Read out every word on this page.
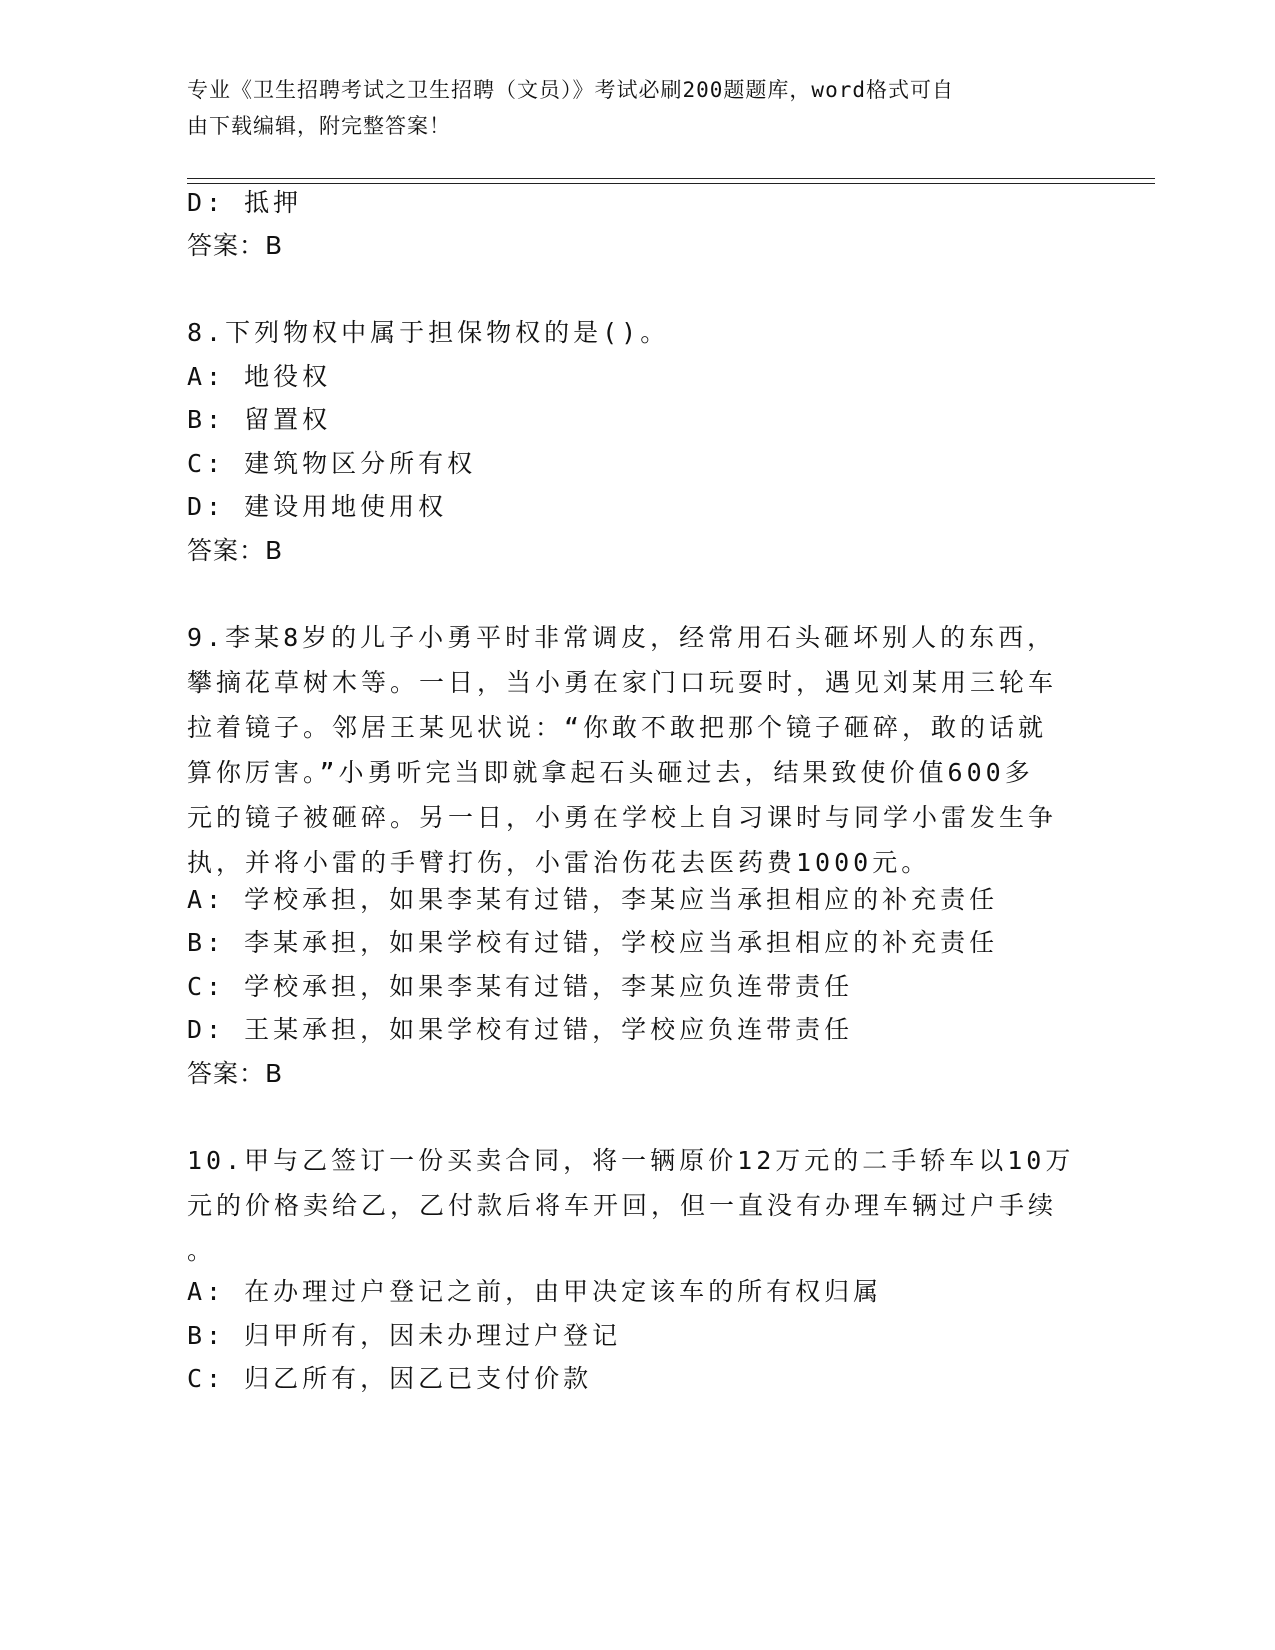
专业《卫生招聘考试之卫生招聘（文员）》考试必刷200题题库，word格式可自
由下载编辑，附完整答案！
D: 抵押
答案：B
8.下列物权中属于担保物权的是()。
A: 地役权
B: 留置权
C: 建筑物区分所有权
D: 建设用地使用权
答案：B
9.李某8岁的儿子小勇平时非常调皮，经常用石头砸坏别人的东西，
攀摘花草树木等。一日，当小勇在家门口玩耍时，遇见刘某用三轮车
拉着镜子。邻居王某见状说：“你敢不敢把那个镜子砸碎，敢的话就
算你厉害。”小勇听完当即就拿起石头砸过去，结果致使价值600多
元的镜子被砸碎。另一日，小勇在学校上自习课时与同学小雷发生争
执，并将小雷的手臂打伤，小雷治伤花去医药费1000元。
A: 学校承担，如果李某有过错，李某应当承担相应的补充责任
B: 李某承担，如果学校有过错，学校应当承担相应的补充责任
C: 学校承担，如果李某有过错，李某应负连带责任
D: 王某承担，如果学校有过错，学校应负连带责任
答案：B
10.甲与乙签订一份买卖合同，将一辆原价12万元的二手轿车以10万
元的价格卖给乙，乙付款后将车开回，但一直没有办理车辆过户手续
。
A: 在办理过户登记之前，由甲决定该车的所有权归属
B: 归甲所有，因未办理过户登记
C: 归乙所有，因乙已支付价款
